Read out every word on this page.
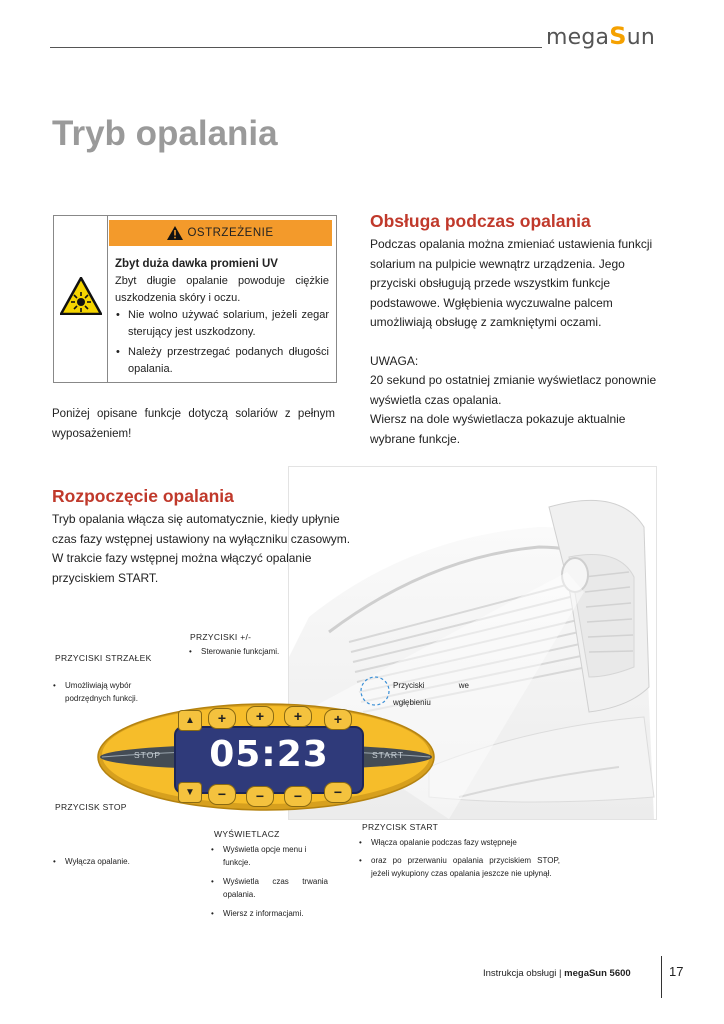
megaSun
Tryb opalania
OSTRZEŻENIE
Zbyt duża dawka promieni UV
Zbyt długie opalanie powoduje ciężkie uszkodzenia skóry i oczu.
• Nie wolno używać solarium, jeżeli zegar sterujący jest uszkodzony.
• Należy przestrzegać podanych długości opalania.
Poniżej opisane funkcje dotyczą solariów z pełnym wyposażeniem!
Obsługa podczas opalania
Podczas opalania można zmieniać ustawienia funkcji solarium na pulpicie wewnątrz urządzenia. Jego przyciski obsługują przede wszystkim funkcje podstawowe. Wgłębienia wyczuwalne palcem umożliwiają obsługę z zamkniętymi oczami.
UWAGA:
20 sekund po ostatniej zmianie wyświetlacz ponownie wyświetla czas opalania.
Wiersz na dole wyświetlacza pokazuje aktualnie wybrane funkcje.
PRZYCISKI +/-
• Sterowanie funkcjami.
PRZYCISKI STRZAŁEK
• Umożliwiają wybór podrzędnych funkcji.
Przyciski we wgłębieniu
05:23
STOP	START
▲	+	+	+	+
▼	−	−	−	−
PRZYCISK STOP
• Wyłącza opalanie.
WYŚWIETLACZ
• Wyświetla opcje menu i funkcje.
• Wyświetla czas trwania opalania.
• Wiersz z informacjami.
PRZYCISK START
• Włącza opalanie podczas fazy wstępneje
• oraz po przerwaniu opalania przyciskiem STOP, jeżeli wykupiony czas opalania jeszcze nie upłynął.
Rozpoczęcie opalania
Tryb opalania włącza się automatycznie, kiedy upłynie czas fazy wstępnej ustawiony na wyłączniku czasowym. W trakcie fazy wstępnej można włączyć opalanie przyciskiem START.
Instrukcja obsługi | megaSun 5600	17
